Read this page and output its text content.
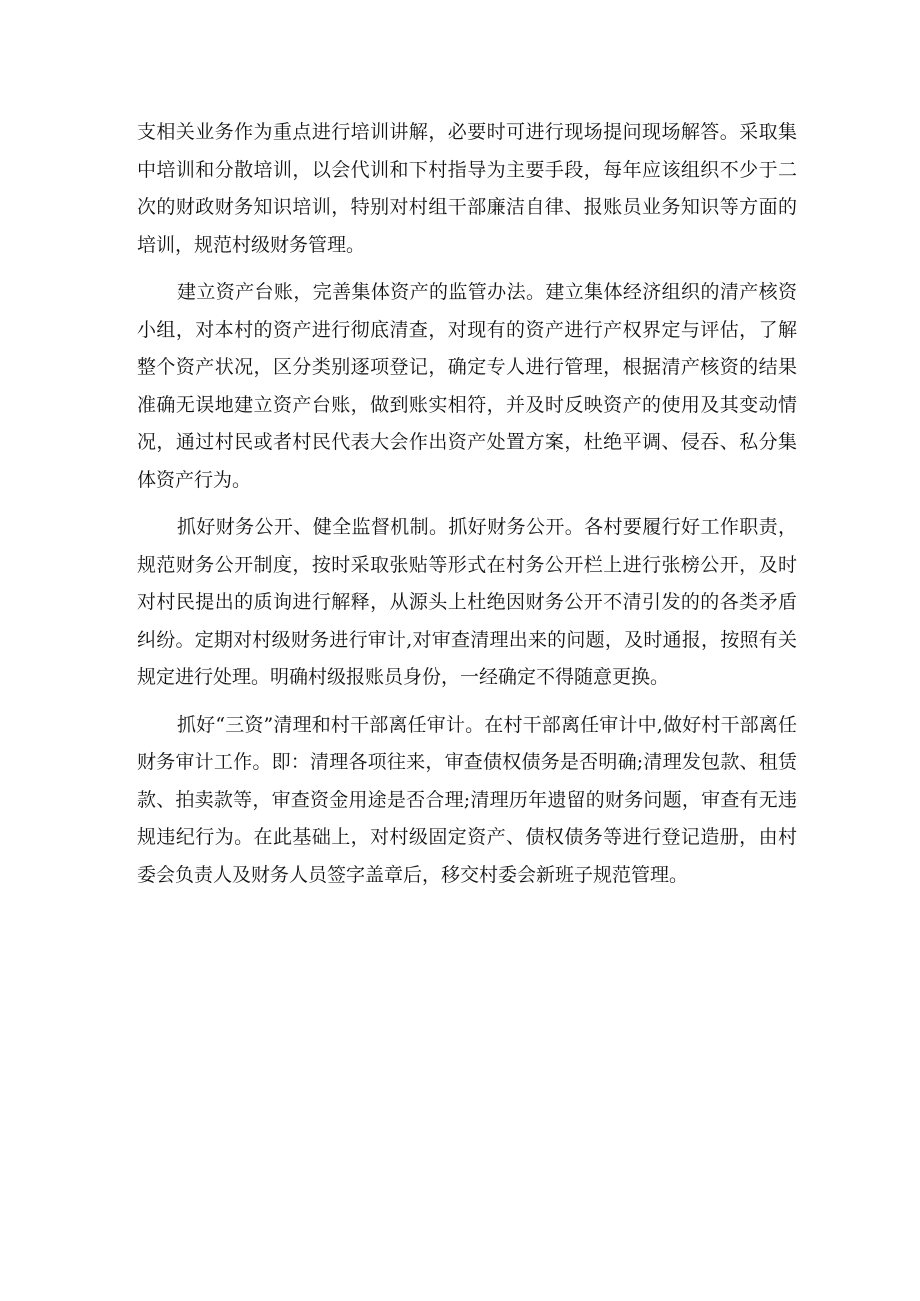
支相关业务作为重点进行培训讲解，必要时可进行现场提问现场解答。采取集中培训和分散培训，以会代训和下村指导为主要手段，每年应该组织不少于二次的财政财务知识培训，特别对村组干部廉洁自律、报账员业务知识等方面的培训，规范村级财务管理。

建立资产台账，完善集体资产的监管办法。建立集体经济组织的清产核资小组，对本村的资产进行彻底清查，对现有的资产进行产权界定与评估，了解整个资产状况，区分类别逐项登记，确定专人进行管理，根据清产核资的结果准确无误地建立资产台账，做到账实相符，并及时反映资产的使用及其变动情况，通过村民或者村民代表大会作出资产处置方案，杜绝平调、侵吞、私分集体资产行为。

抓好财务公开、健全监督机制。抓好财务公开。各村要履行好工作职责，规范财务公开制度，按时采取张贴等形式在村务公开栏上进行张榜公开，及时对村民提出的质询进行解释，从源头上杜绝因财务公开不清引发的的各类矛盾纠纷。定期对村级财务进行审计,对审查清理出来的问题，及时通报，按照有关规定进行处理。明确村级报账员身份，一经确定不得随意更换。

抓好“三资”清理和村干部离任审计。在村干部离任审计中,做好村干部离任财务审计工作。即：清理各项往来，审查债权债务是否明确;清理发包款、租赁款、拍卖款等，审查资金用途是否合理;清理历年遗留的财务问题，审查有无违规违纪行为。在此基础上，对村级固定资产、债权债务等进行登记造册，由村委会负责人及财务人员签字盖章后，移交村委会新班子规范管理。
